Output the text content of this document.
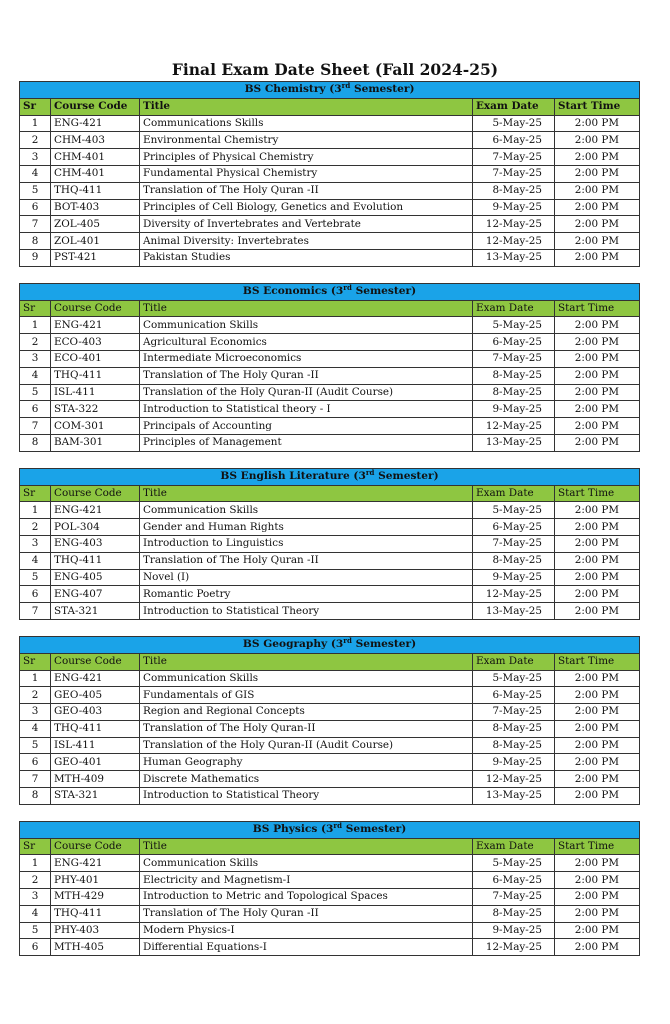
Final Exam Date Sheet (Fall 2024-25)
BS Chemistry (3rd Semester)				
Sr	Course Code	Title	Exam Date	Start Time
1	ENG-421	Communications Skills	5-May-25	2:00 PM
2	CHM-403	Environmental Chemistry	6-May-25	2:00 PM
3	CHM-401	Principles of Physical Chemistry	7-May-25	2:00 PM
4	CHM-401	Fundamental Physical Chemistry	7-May-25	2:00 PM
5	THQ-411	Translation of The Holy Quran -II	8-May-25	2:00 PM
6	BOT-403	Principles of Cell Biology, Genetics and Evolution	9-May-25	2:00 PM
7	ZOL-405	Diversity of Invertebrates and Vertebrate	12-May-25	2:00 PM
8	ZOL-401	Animal Diversity: Invertebrates	12-May-25	2:00 PM
9	PST-421	Pakistan Studies	13-May-25	2:00 PM
BS Economics (3rd Semester)				
Sr	Course Code	Title	Exam Date	Start Time
1	ENG-421	Communication Skills	5-May-25	2:00 PM
2	ECO-403	Agricultural Economics	6-May-25	2:00 PM
3	ECO-401	Intermediate Microeconomics	7-May-25	2:00 PM
4	THQ-411	Translation of The Holy Quran -II	8-May-25	2:00 PM
5	ISL-411	Translation of the Holy Quran-II (Audit Course)	8-May-25	2:00 PM
6	STA-322	Introduction to Statistical theory - I	9-May-25	2:00 PM
7	COM-301	Principals of Accounting	12-May-25	2:00 PM
8	BAM-301	Principles of Management	13-May-25	2:00 PM
BS English Literature (3rd Semester)				
Sr	Course Code	Title	Exam Date	Start Time
1	ENG-421	Communication Skills	5-May-25	2:00 PM
2	POL-304	Gender and Human Rights	6-May-25	2:00 PM
3	ENG-403	Introduction to Linguistics	7-May-25	2:00 PM
4	THQ-411	Translation of The Holy Quran -II	8-May-25	2:00 PM
5	ENG-405	Novel (I)	9-May-25	2:00 PM
6	ENG-407	Romantic Poetry	12-May-25	2:00 PM
7	STA-321	Introduction to Statistical Theory	13-May-25	2:00 PM
BS Geography (3rd Semester)				
Sr	Course Code	Title	Exam Date	Start Time
1	ENG-421	Communication Skills	5-May-25	2:00 PM
2	GEO-405	Fundamentals of GIS	6-May-25	2:00 PM
3	GEO-403	Region and Regional Concepts	7-May-25	2:00 PM
4	THQ-411	Translation of The Holy Quran-II	8-May-25	2:00 PM
5	ISL-411	Translation of the Holy Quran-II (Audit Course)	8-May-25	2:00 PM
6	GEO-401	Human Geography	9-May-25	2:00 PM
7	MTH-409	Discrete Mathematics	12-May-25	2:00 PM
8	STA-321	Introduction to Statistical Theory	13-May-25	2:00 PM
BS Physics (3rd Semester)				
Sr	Course Code	Title	Exam Date	Start Time
1	ENG-421	Communication Skills	5-May-25	2:00 PM
2	PHY-401	Electricity and Magnetism-I	6-May-25	2:00 PM
3	MTH-429	Introduction to Metric and Topological Spaces	7-May-25	2:00 PM
4	THQ-411	Translation of The Holy Quran -II	8-May-25	2:00 PM
5	PHY-403	Modern Physics-I	9-May-25	2:00 PM
6	MTH-405	Differential Equations-I	12-May-25	2:00 PM
